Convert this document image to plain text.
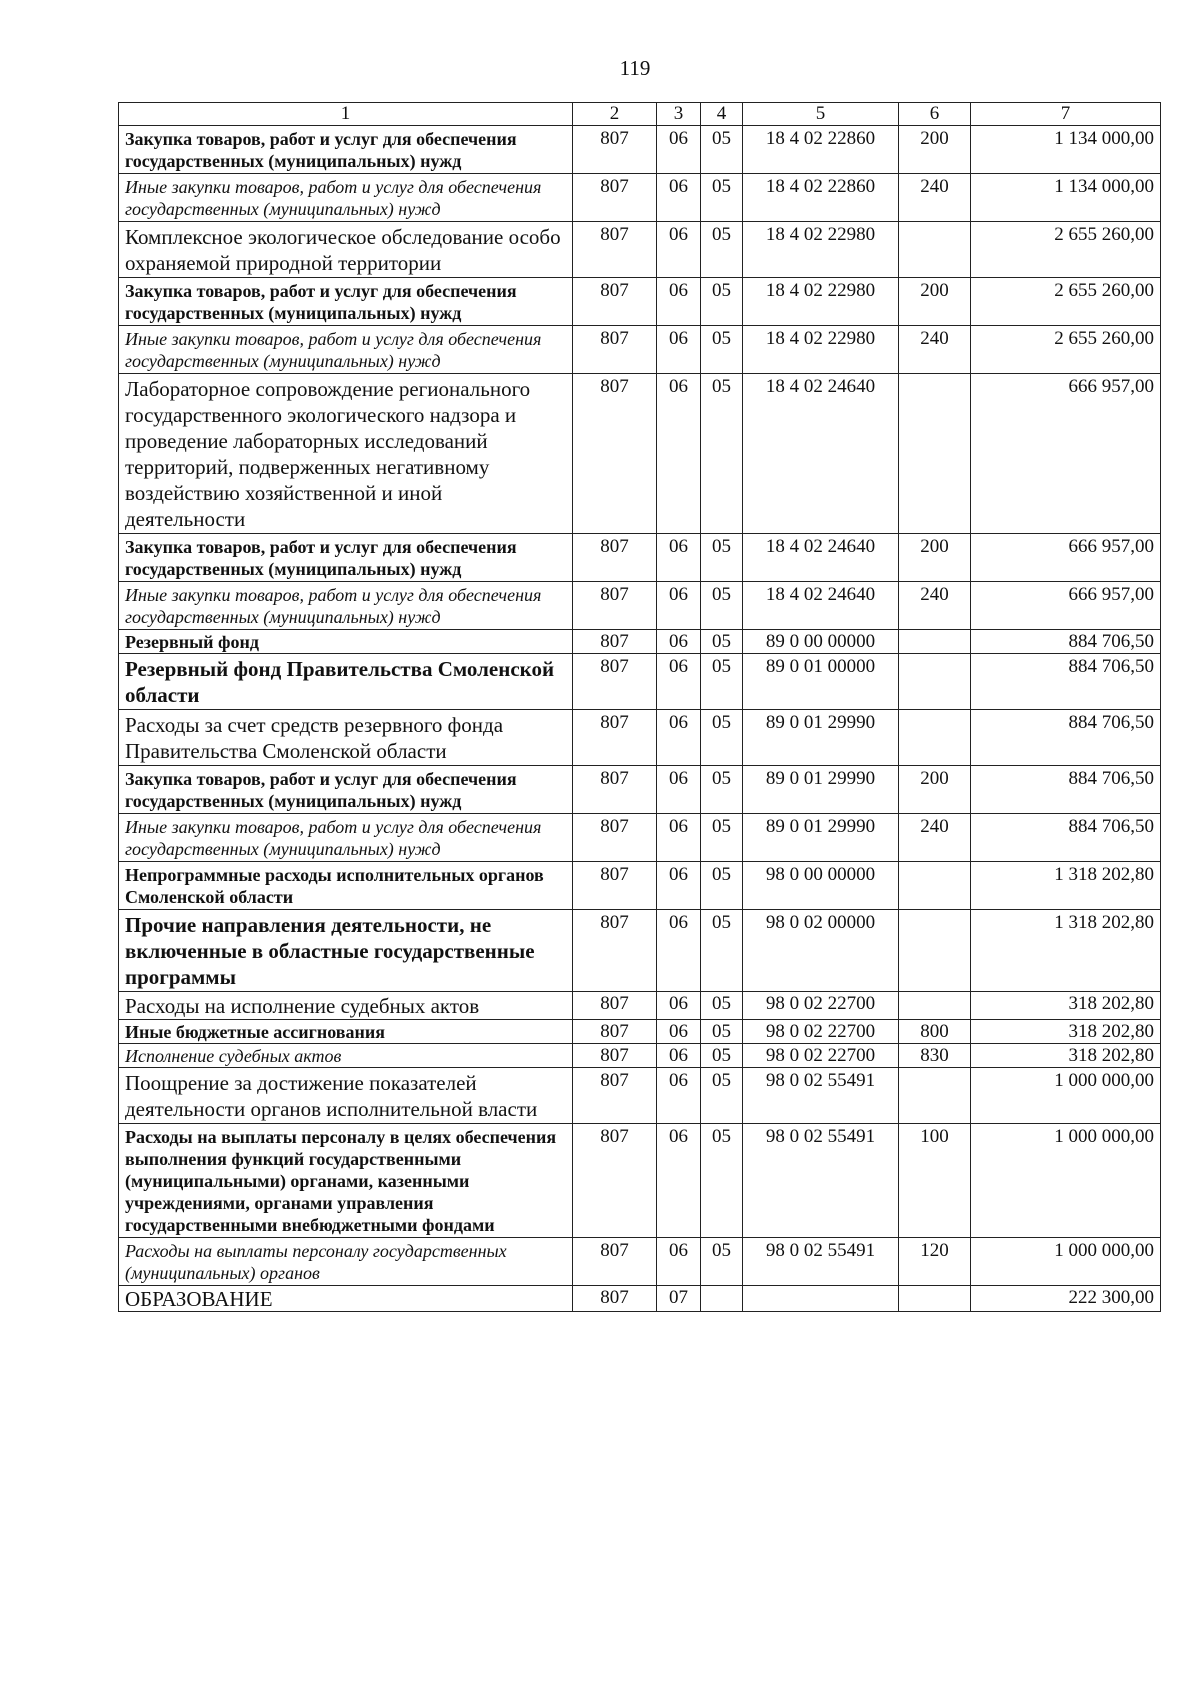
119
1	2	3	4	5	6	7
Закупка товаров, работ и услуг для обеспечения государственных (муниципальных) нужд	807	06	05	18 4 02 22860	200	1 134 000,00
Иные закупки товаров, работ и услуг для обеспечения государственных (муниципальных) нужд	807	06	05	18 4 02 22860	240	1 134 000,00
Комплексное экологическое обследование особо охраняемой природной территории	807	06	05	18 4 02 22980		2 655 260,00
Закупка товаров, работ и услуг для обеспечения государственных (муниципальных) нужд	807	06	05	18 4 02 22980	200	2 655 260,00
Иные закупки товаров, работ и услуг для обеспечения государственных (муниципальных) нужд	807	06	05	18 4 02 22980	240	2 655 260,00
Лабораторное сопровождение регионального государственного экологического надзора и проведение лабораторных исследований территорий, подверженных негативному воздействию хозяйственной и иной деятельности	807	06	05	18 4 02 24640		666 957,00
Закупка товаров, работ и услуг для обеспечения государственных (муниципальных) нужд	807	06	05	18 4 02 24640	200	666 957,00
Иные закупки товаров, работ и услуг для обеспечения государственных (муниципальных) нужд	807	06	05	18 4 02 24640	240	666 957,00
Резервный фонд	807	06	05	89 0 00 00000		884 706,50
Резервный фонд Правительства Смоленской области	807	06	05	89 0 01 00000		884 706,50
Расходы за счет средств резервного фонда Правительства Смоленской области	807	06	05	89 0 01 29990		884 706,50
Закупка товаров, работ и услуг для обеспечения государственных (муниципальных) нужд	807	06	05	89 0 01 29990	200	884 706,50
Иные закупки товаров, работ и услуг для обеспечения государственных (муниципальных) нужд	807	06	05	89 0 01 29990	240	884 706,50
Непрограммные расходы исполнительных органов Смоленской области	807	06	05	98 0 00 00000		1 318 202,80
Прочие направления деятельности, не включенные в областные государственные программы	807	06	05	98 0 02 00000		1 318 202,80
Расходы на исполнение судебных актов	807	06	05	98 0 02 22700		318 202,80
Иные бюджетные ассигнования	807	06	05	98 0 02 22700	800	318 202,80
Исполнение судебных актов	807	06	05	98 0 02 22700	830	318 202,80
Поощрение за достижение показателей деятельности органов исполнительной власти	807	06	05	98 0 02 55491		1 000 000,00
Расходы на выплаты персоналу в целях обеспечения выполнения функций государственными (муниципальными) органами, казенными учреждениями, органами управления государственными внебюджетными фондами	807	06	05	98 0 02 55491	100	1 000 000,00
Расходы на выплаты персоналу государственных (муниципальных) органов	807	06	05	98 0 02 55491	120	1 000 000,00
ОБРАЗОВАНИЕ	807	07				222 300,00
